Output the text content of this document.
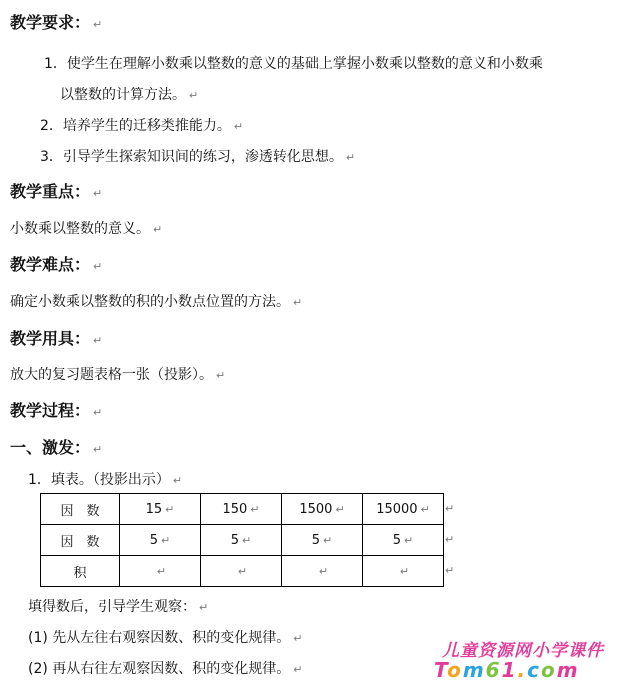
教学要求： ↵
1．使学生在理解小数乘以整数的意义的基础上掌握小数乘以整数的意义和小数乘
以整数的计算方法。 ↵
2．培养学生的迁移类推能力。 ↵
3．引导学生探索知识间的练习，渗透转化思想。 ↵
教学重点： ↵
小数乘以整数的意义。 ↵
教学难点： ↵
确定小数乘以整数的积的小数点位置的方法。 ↵
教学用具： ↵
放大的复习题表格一张（投影）。 ↵
教学过程： ↵
一、激发： ↵
1．填表。（投影出示） ↵
因　数	15 ↵	150 ↵	1500 ↵	15000 ↵
因　数	5 ↵	5 ↵	5 ↵	5 ↵
积	↵	↵	↵	↵
↵
↵
↵
填得数后，引导学生观察： ↵
(1) 先从左往右观察因数、积的变化规律。 ↵
(2) 再从右往左观察因数、积的变化规律。 ↵
儿童资源网小学课件
Tom61.com
